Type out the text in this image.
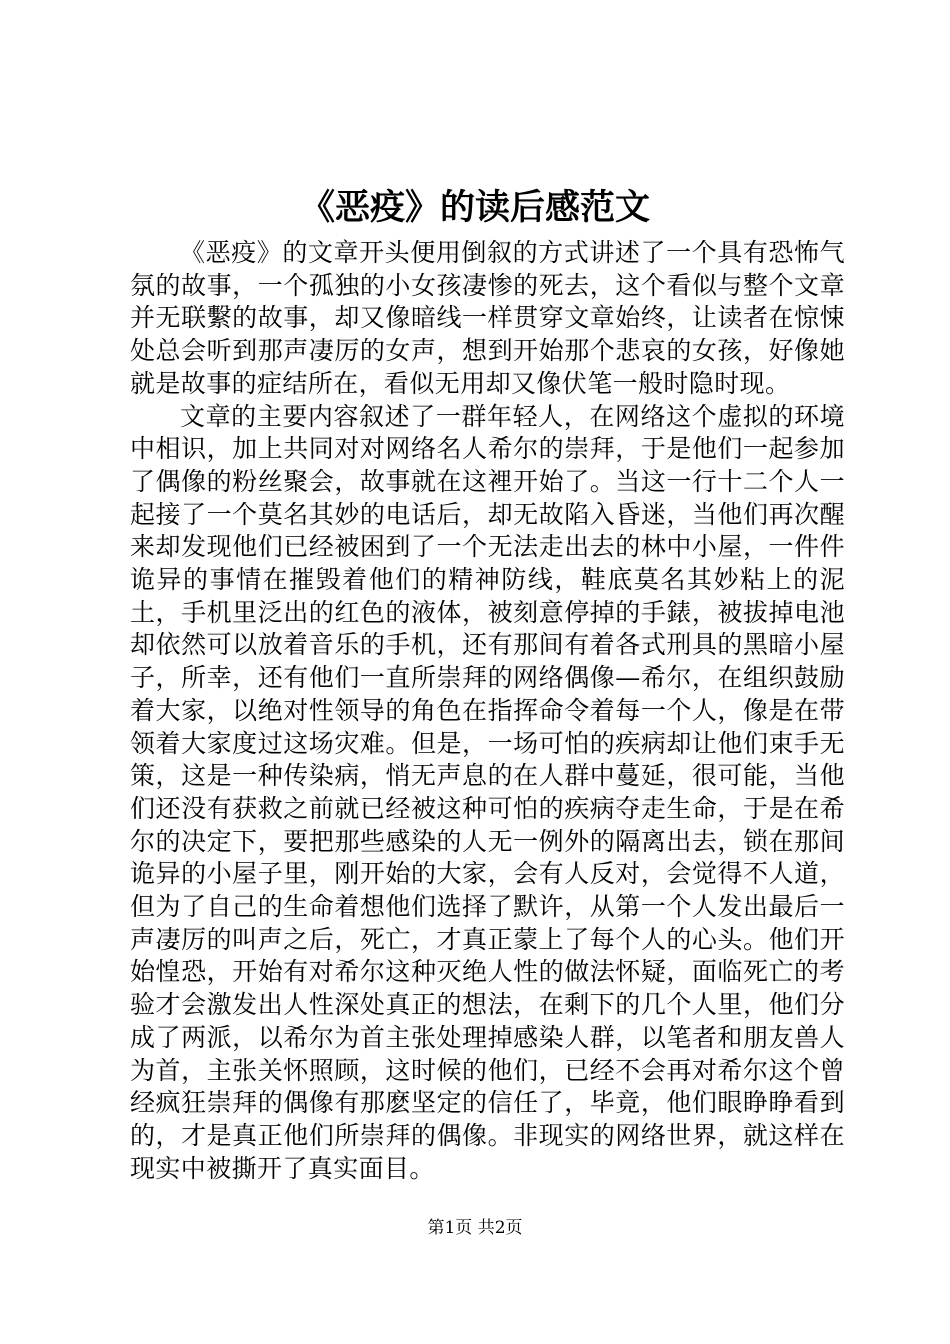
《恶疫》的读后感范文

《恶疫》的文章开头便用倒叙的方式讲述了一个具有恐怖气氛的故事，一个孤独的小女孩凄惨的死去，这个看似与整个文章并无联繫的故事，却又像暗线一样贯穿文章始终，让读者在惊悚处总会听到那声凄厉的女声，想到开始那个悲哀的女孩，好像她就是故事的症结所在，看似无用却又像伏笔一般时隐时现。

文章的主要内容叙述了一群年轻人，在网络这个虚拟的环境中相识，加上共同对对网络名人希尔的崇拜，于是他们一起参加了偶像的粉丝聚会，故事就在这裡开始了。当这一行十二个人一起接了一个莫名其妙的电话后，却无故陷入昏迷，当他们再次醒来却发现他们已经被困到了一个无法走出去的林中小屋，一件件诡异的事情在摧毁着他们的精神防线，鞋底莫名其妙粘上的泥土，手机里泛出的红色的液体，被刻意停掉的手錶，被拔掉电池却依然可以放着音乐的手机，还有那间有着各式刑具的黑暗小屋子，所幸，还有他们一直所崇拜的网络偶像—希尔，在组织鼓励着大家，以绝对性领导的角色在指挥命令着每一个人，像是在带领着大家度过这场灾难。但是，一场可怕的疾病却让他们束手无策，这是一种传染病，悄无声息的在人群中蔓延，很可能，当他们还没有获救之前就已经被这种可怕的疾病夺走生命，于是在希尔的决定下，要把那些感染的人无一例外的隔离出去，锁在那间诡异的小屋子里，刚开始的大家，会有人反对，会觉得不人道，但为了自己的生命着想他们选择了默许，从第一个人发出最后一声凄厉的叫声之后，死亡，才真正蒙上了每个人的心头。他们开始惶恐，开始有对希尔这种灭绝人性的做法怀疑，面临死亡的考验才会激发出人性深处真正的想法，在剩下的几个人里，他们分成了两派，以希尔为首主张处理掉感染人群，以笔者和朋友兽人为首，主张关怀照顾，这时候的他们，已经不会再对希尔这个曾经疯狂崇拜的偶像有那麽坚定的信任了，毕竟，他们眼睁睁看到的，才是真正他们所崇拜的偶像。非现实的网络世界，就这样在现实中被撕开了真实面目。

第1页 共2页
